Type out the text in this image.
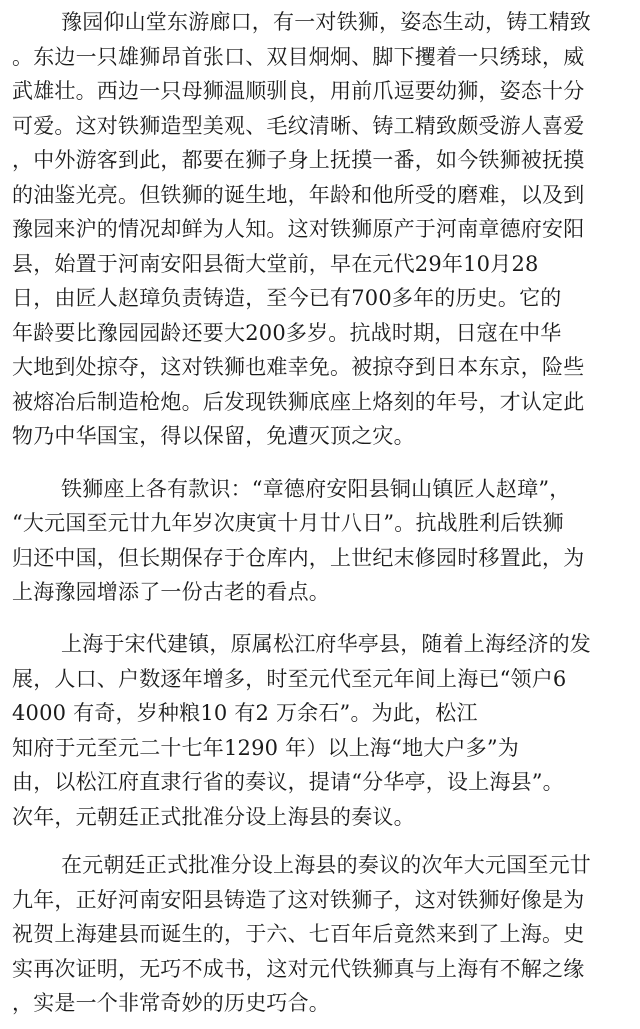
豫园仰山堂东游廊口，有一对铁狮，姿态生动，铸工精致
。东边一只雄狮昂首张口、双目炯炯、脚下攫着一只绣球，威
武雄壮。西边一只母狮温顺驯良，用前爪逗要幼狮，姿态十分
可爱。这对铁狮造型美观、毛纹清晰、铸工精致颇受游人喜爱
，中外游客到此，都要在狮子身上抚摸一番，如今铁狮被抚摸
的油鉴光亮。但铁狮的诞生地，年龄和他所受的磨难，以及到
豫园来沪的情况却鲜为人知。这对铁狮原产于河南章德府安阳
县，始置于河南安阳县衙大堂前，早在元代29年10月28
日，由匠人赵璋负责铸造，至今已有700多年的历史。它的
年龄要比豫园园龄还要大200多岁。抗战时期，日寇在中华
大地到处掠夺，这对铁狮也难幸免。被掠夺到日本东京，险些
被熔冶后制造枪炮。后发现铁狮底座上烙刻的年号，才认定此
物乃中华国宝，得以保留，免遭灭顶之灾。
铁狮座上各有款识：“章德府安阳县铜山镇匠人赵璋”，
“大元国至元廿九年岁次庚寅十月廿八日”。抗战胜利后铁狮
归还中国，但长期保存于仓库内，上世纪末修园时移置此，为
上海豫园增添了一份古老的看点。
上海于宋代建镇，原属松江府华亭县，随着上海经济的发
展，人口、户数逐年增多，时至元代至元年间上海已“领户6
4000 有奇，岁种粮10 有2 万余石”。为此，松江
知府于元至元二十七年1290 年）以上海“地大户多”为
由，以松江府直隶行省的奏议，提请“分华亭，设上海县”。
次年，元朝廷正式批准分设上海县的奏议。
在元朝廷正式批准分设上海县的奏议的次年大元国至元廿
九年，正好河南安阳县铸造了这对铁狮子，这对铁狮好像是为
祝贺上海建县而诞生的，于六、七百年后竟然来到了上海。史
实再次证明，无巧不成书，这对元代铁狮真与上海有不解之缘
，实是一个非常奇妙的历史巧合。
